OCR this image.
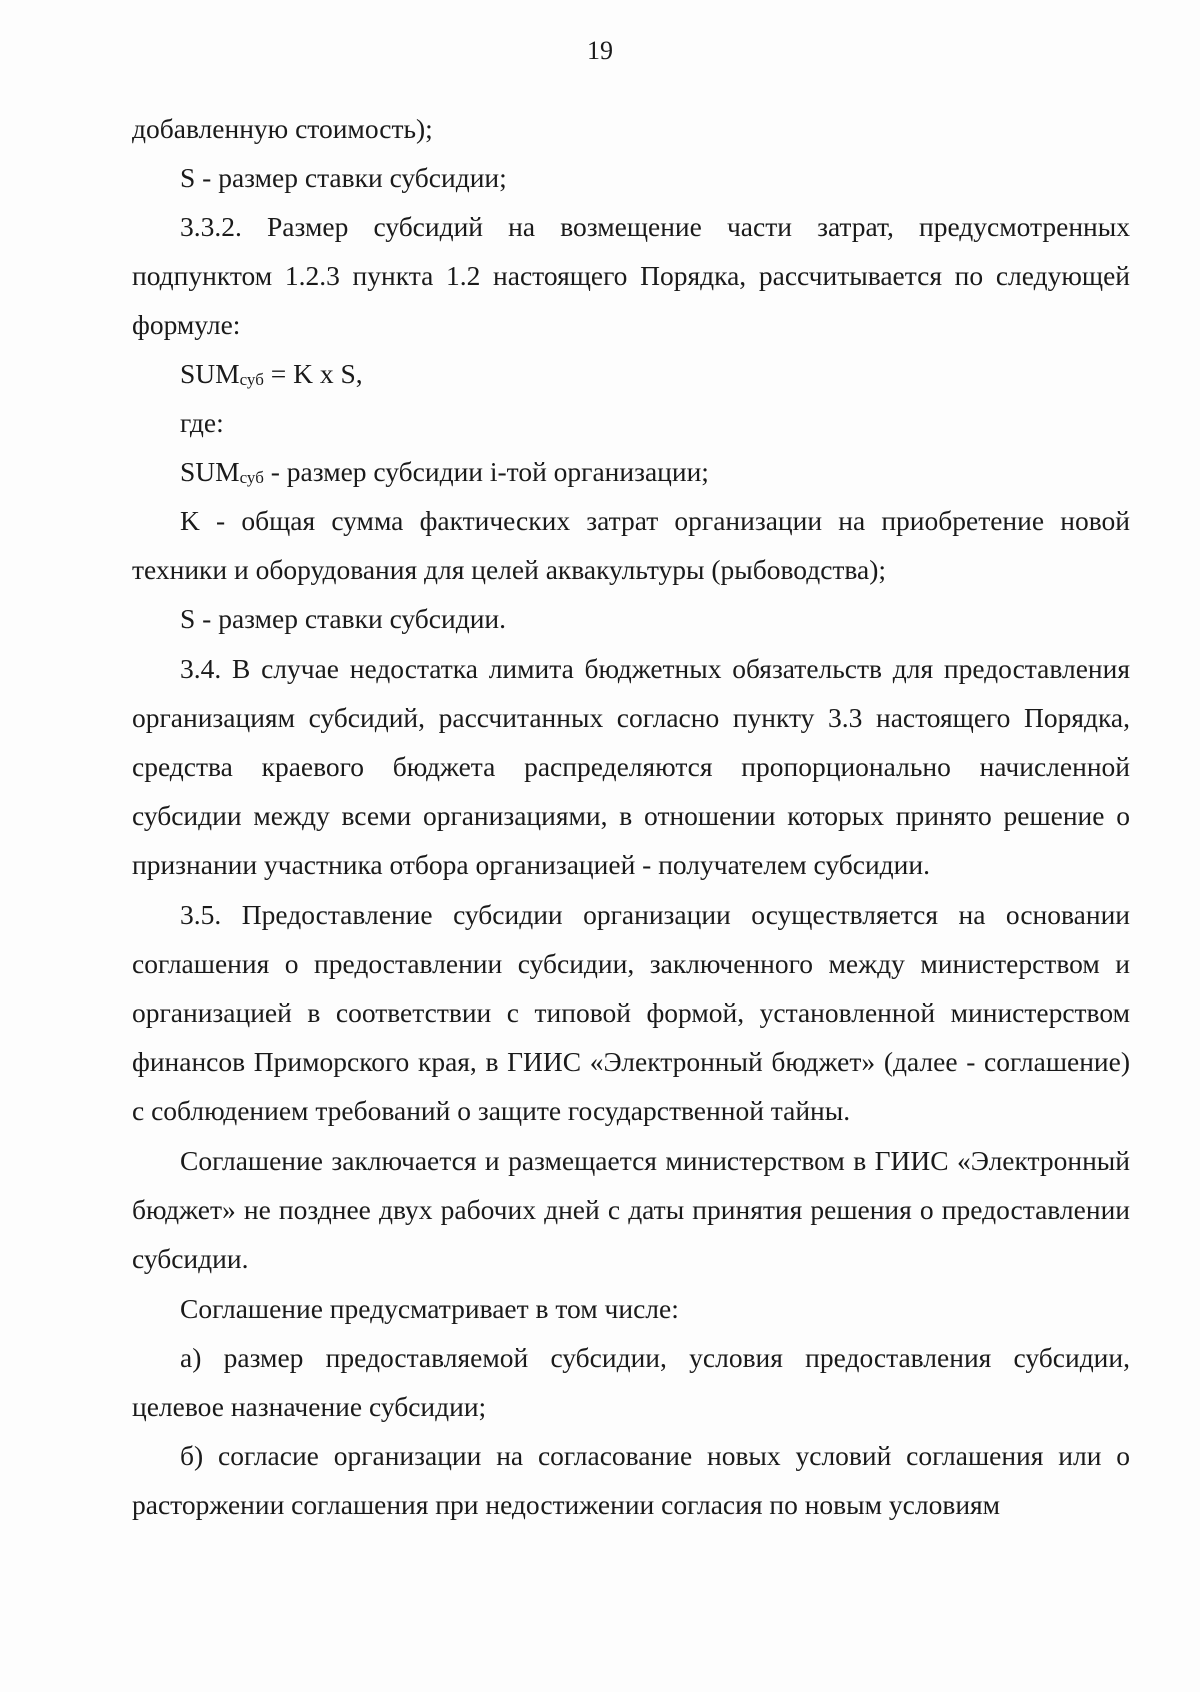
19

добавленную стоимость);

S - размер ставки субсидии;

3.3.2. Размер субсидий на возмещение части затрат, предусмотренных подпунктом 1.2.3 пункта 1.2 настоящего Порядка, рассчитывается по следующей формуле:

$SUM_{суб} = K$ x S,

где:

$SUM_{суб}$ - размер субсидии i-той организации;

K - общая сумма фактических затрат организации на приобретение новой техники и оборудования для целей аквакультуры (рыбоводства);

S - размер ставки субсидии.

3.4. В случае недостатка лимита бюджетных обязательств для предоставления организациям субсидий, рассчитанных согласно пункту 3.3 настоящего Порядка, средства краевого бюджета распределяются пропорционально начисленной субсидии между всеми организациями, в отношении которых принято решение о признании участника отбора организацией - получателем субсидии.

3.5. Предоставление субсидии организации осуществляется на основании соглашения о предоставлении субсидии, заключенного между министерством и организацией в соответствии с типовой формой, установленной министерством финансов Приморского края, в ГИИС «Электронный бюджет» (далее - соглашение) с соблюдением требований о защите государственной тайны.

Соглашение заключается и размещается министерством в ГИИС «Электронный бюджет» не позднее двух рабочих дней с даты принятия решения о предоставлении субсидии.

Соглашение предусматривает в том числе:

а) размер предоставляемой субсидии, условия предоставления субсидии, целевое назначение субсидии;

б) согласие организации на согласование новых условий соглашения или о расторжении соглашения при недостижении согласия по новым условиям
